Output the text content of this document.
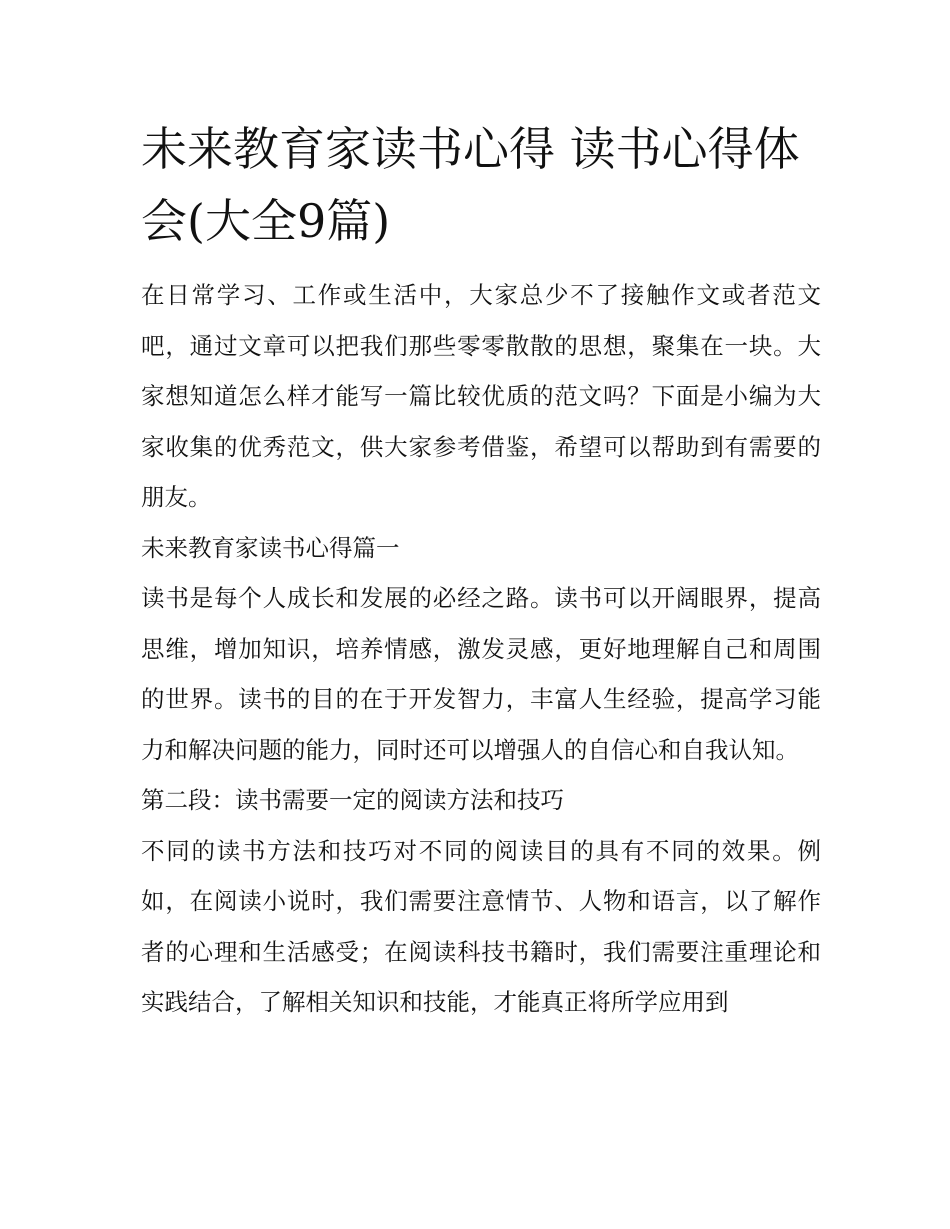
未来教育家读书心得 读书心得体会(大全9篇)

在日常学习、工作或生活中，大家总少不了接触作文或者范文吧，通过文章可以把我们那些零零散散的思想，聚集在一块。大家想知道怎么样才能写一篇比较优质的范文吗？下面是小编为大家收集的优秀范文，供大家参考借鉴，希望可以帮助到有需要的朋友。

未来教育家读书心得篇一

读书是每个人成长和发展的必经之路。读书可以开阔眼界，提高思维，增加知识，培养情感，激发灵感，更好地理解自己和周围的世界。读书的目的在于开发智力，丰富人生经验，提高学习能力和解决问题的能力，同时还可以增强人的自信心和自我认知。

第二段：读书需要一定的阅读方法和技巧

不同的读书方法和技巧对不同的阅读目的具有不同的效果。例如，在阅读小说时，我们需要注意情节、人物和语言，以了解作者的心理和生活感受；在阅读科技书籍时，我们需要注重理论和实践结合，了解相关知识和技能，才能真正将所学应用到
